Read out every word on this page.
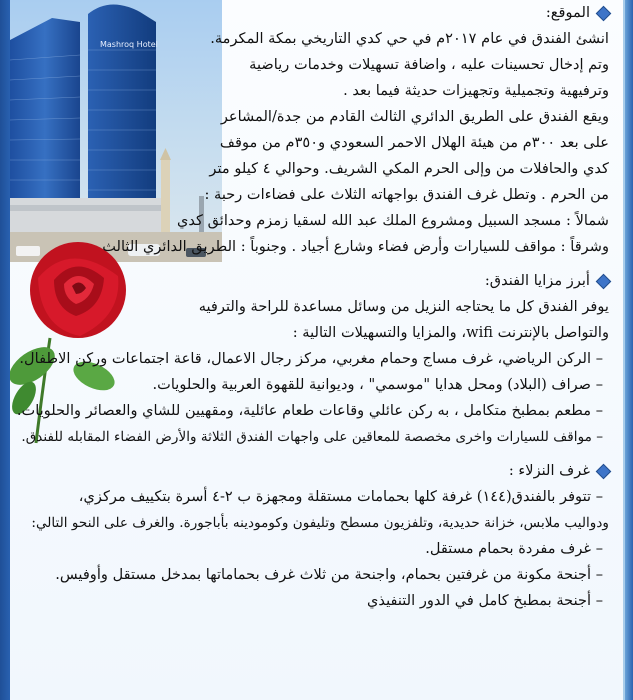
Mashroq Hotel
الموقع:
انشئ الفندق في عام ٢٠١٧م في حي كدي التاريخي بمكة المكرمة.
وتم إدخال تحسينات عليه ، واضافة تسهيلات وخدمات رياضية
وترفيهية وتجميلية وتجهيزات حديثة فيما بعد .
ويقع الفندق على الطريق الدائري الثالث القادم من جدة/المشاعر
على بعد ٣٠٠م من هيئة الهلال الاحمر السعودي و٣٥٠م من موقف
كدي والحافلات من وإلى الحرم المكي الشريف. وحوالي ٤ كيلو متر
من الحرم . وتطل غرف الفندق بواجهاته الثلاث على فضاءات رحبة :
شمالاً : مسجد السبيل ومشروع الملك عبد الله لسقيا زمزم وحدائق كدي
وشرقاً : مواقف للسيارات وأرض فضاء وشارع أجياد . وجنوباً : الطريق الدائري الثالث
أبرز مزايا الفندق:
يوفر الفندق كل ما يحتاجه النزيل من وسائل مساعدة للراحة والترفيه
والتواصل بالإنترنت wifi، والمزايا والتسهيلات التالية :
– الركن الرياضي، غرف مساج وحمام مغربي، مركز رجال الاعمال، قاعة اجتماعات وركن الاطفال.
– صراف (البلاد) ومحل هدايا "موسمي" ، وديوانية للقهوة العربية والحلويات.
– مطعم بمطبخ متكامل ، به ركن عائلي وقاعات طعام عائلية، ومقهيين للشاي والعصائر والحلويات.
– مواقف للسيارات واخرى مخصصة للمعاقين على واجهات الفندق الثلاثة والأرض الفضاء المقابله للفندق.
غرف النزلاء :
– تتوفر بالفندق(١٤٤) غرفة كلها بحمامات مستقلة ومجهزة ب ٢-٤ أسرة بتكييف مركزي،
ودواليب ملابس، خزانة حديدية، وتلفزيون مسطح وتليفون وكومودينه بأباجورة. والغرف على النحو التالي:
– غرف مفردة بحمام مستقل.
– أجنحة مكونة من غرفتين بحمام، واجنحة من ثلاث غرف بحماماتها بمدخل مستقل وأوفيس.
– أجنحة بمطبخ كامل في الدور التنفيذي
